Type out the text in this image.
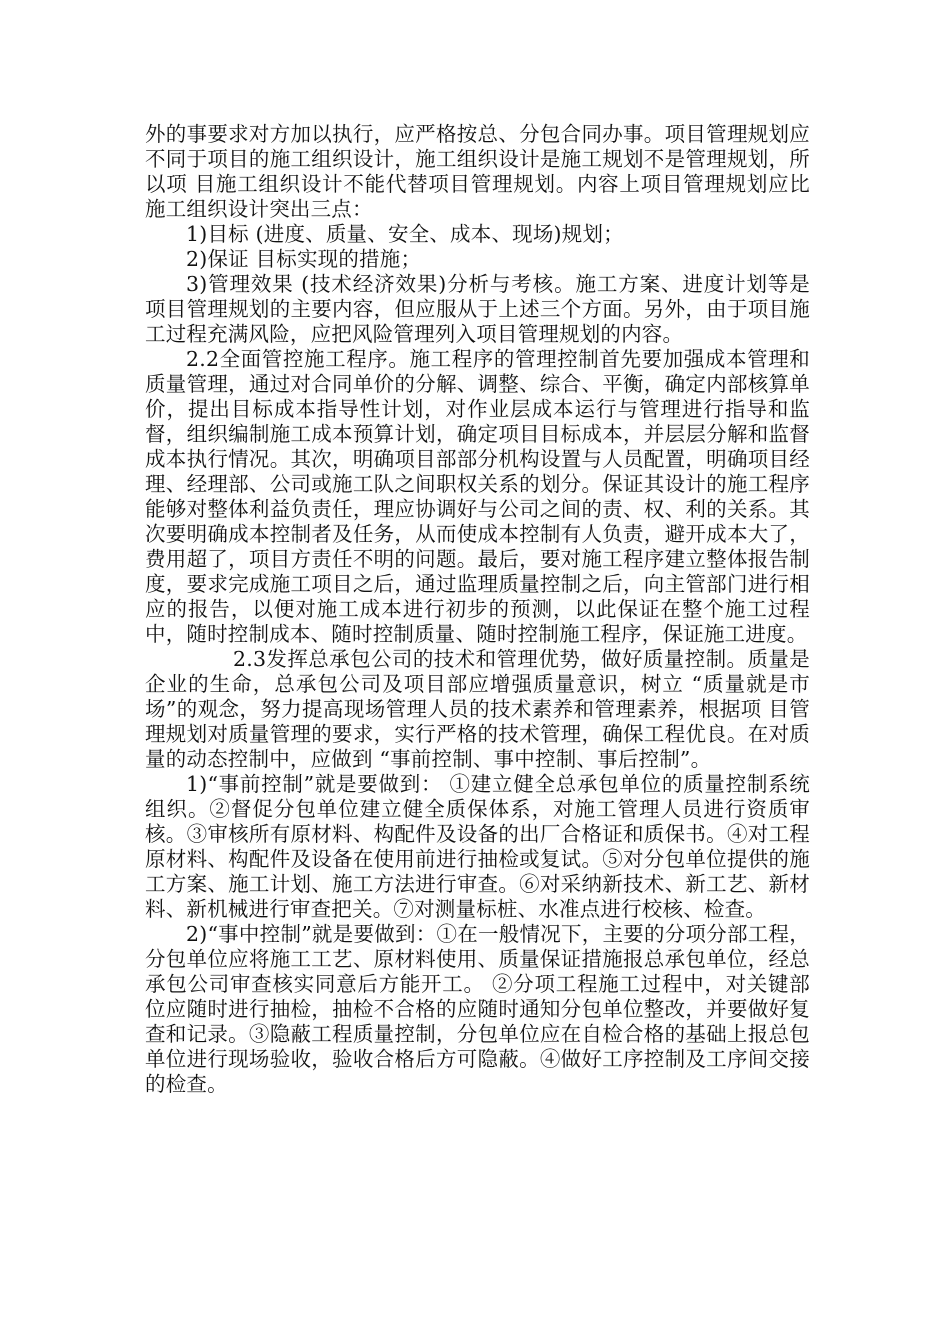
外的事要求对方加以执行，应严格按总、分包合同办事。项目管理规划应不同于项目的施工组织设计，施工组织设计是施工规划不是管理规划，所以项 目施工组织设计不能代替项目管理规划。内容上项目管理规划应比施工组织设计突出三点：

1)目标 (进度、质量、安全、成本、现场)规划；

2)保证 目标实现的措施；

3)管理效果 (技术经济效果)分析与考核。施工方案、进度计划等是项目管理规划的主要内容，但应服从于上述三个方面。另外，由于项目施工过程充满风险，应把风险管理列入项目管理规划的内容。

2.2全面管控施工程序。施工程序的管理控制首先要加强成本管理和质量管理，通过对合同单价的分解、调整、综合、平衡，确定内部核算单价，提出目标成本指导性计划，对作业层成本运行与管理进行指导和监督，组织编制施工成本预算计划，确定项目目标成本，并层层分解和监督成本执行情况。其次，明确项目部部分机构设置与人员配置，明确项目经理、经理部、公司或施工队之间职权关系的划分。保证其设计的施工程序能够对整体利益负责任，理应协调好与公司之间的责、权、利的关系。其次要明确成本控制者及任务，从而使成本控制有人负责，避开成本大了，费用超了，项目方责任不明的问题。最后，要对施工程序建立整体报告制度，要求完成施工项目之后，通过监理质量控制之后，向主管部门进行相应的报告，以便对施工成本进行初步的预测，以此保证在整个施工过程中，随时控制成本、随时控制质量、随时控制施工程序，保证施工进度。

2.3发挥总承包公司的技术和管理优势，做好质量控制。质量是企业的生命，总承包公司及项目部应增强质量意识，树立 “质量就是市场”的观念，努力提高现场管理人员的技术素养和管理素养，根据项 目管理规划对质量管理的要求，实行严格的技术管理，确保工程优良。在对质量的动态控制中，应做到 “事前控制、事中控制、事后控制”。

1)“事前控制”就是要做到： ①建立健全总承包单位的质量控制系统组织。②督促分包单位建立健全质保体系，对施工管理人员进行资质审核。③审核所有原材料、构配件及设备的出厂合格证和质保书。④对工程原材料、构配件及设备在使用前进行抽检或复试。⑤对分包单位提供的施工方案、施工计划、施工方法进行审查。⑥对采纳新技术、新工艺、新材料、新机械进行审查把关。⑦对测量标桩、水准点进行校核、检查。

2)“事中控制”就是要做到：①在一般情况下，主要的分项分部工程，分包单位应将施工工艺、原材料使用、质量保证措施报总承包单位，经总承包公司审查核实同意后方能开工。 ②分项工程施工过程中，对关键部位应随时进行抽检，抽检不合格的应随时通知分包单位整改，并要做好复查和记录。③隐蔽工程质量控制，分包单位应在自检合格的基础上报总包单位进行现场验收，验收合格后方可隐蔽。④做好工序控制及工序间交接的检查。
